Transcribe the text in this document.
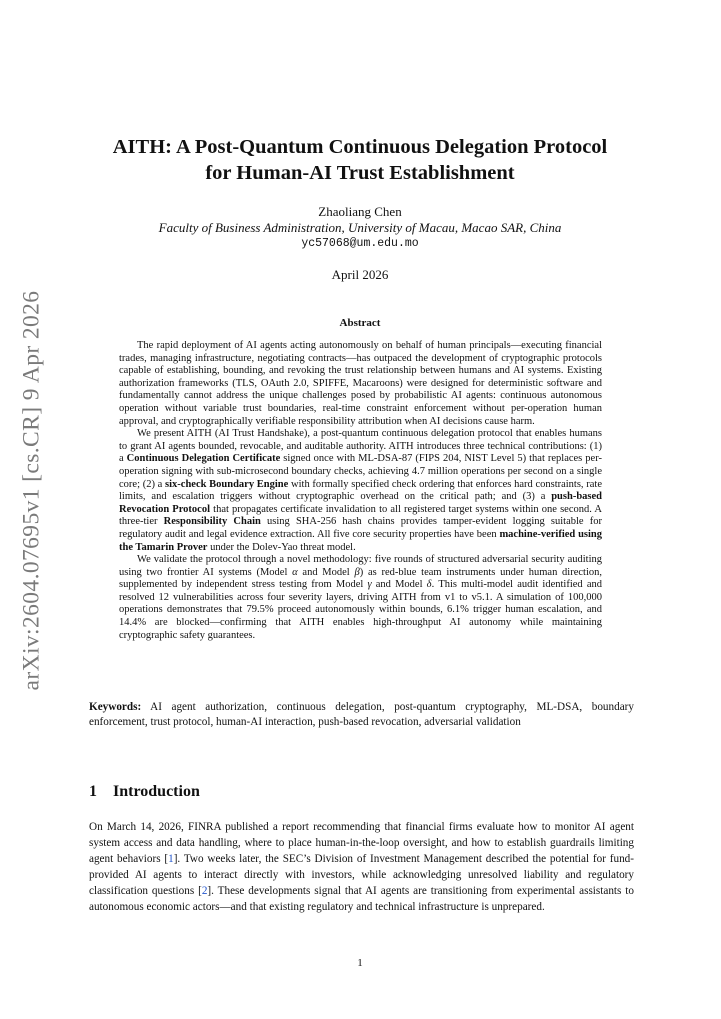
arXiv:2604.07695v1 [cs.CR] 9 Apr 2026
AITH: A Post-Quantum Continuous Delegation Protocol
for Human-AI Trust Establishment
Zhaoliang Chen
Faculty of Business Administration, University of Macau, Macao SAR, China
yc57068@um.edu.mo
April 2026
Abstract

The rapid deployment of AI agents acting autonomously on behalf of human principals—executing financial trades, managing infrastructure, negotiating contracts—has outpaced the development of cryptographic protocols capable of establishing, bounding, and revoking the trust relationship between humans and AI systems. Existing authorization frameworks (TLS, OAuth 2.0, SPIFFE, Macaroons) were designed for deterministic software and fundamentally cannot address the unique challenges posed by probabilistic AI agents: continuous autonomous operation without variable trust boundaries, real-time constraint enforcement without per-operation human approval, and cryptographically verifiable responsibility attribution when AI decisions cause harm.

We present AITH (AI Trust Handshake), a post-quantum continuous delegation protocol that enables humans to grant AI agents bounded, revocable, and auditable authority. AITH introduces three technical contributions: (1) a Continuous Delegation Certificate signed once with ML-DSA-87 (FIPS 204, NIST Level 5) that replaces per-operation signing with sub-microsecond boundary checks, achieving 4.7 million operations per second on a single core; (2) a six-check Boundary Engine with formally specified check ordering that enforces hard constraints, rate limits, and escalation triggers without cryptographic overhead on the critical path; and (3) a push-based Revocation Protocol that propagates certificate invalidation to all registered target systems within one second. A three-tier Responsibility Chain using SHA-256 hash chains provides tamper-evident logging suitable for regulatory audit and legal evidence extraction. All five core security properties have been machine-verified using the Tamarin Prover under the Dolev-Yao threat model.

We validate the protocol through a novel methodology: five rounds of structured adversarial security auditing using two frontier AI systems (Model α and Model β) as red-blue team instruments under human direction, supplemented by independent stress testing from Model γ and Model δ. This multi-model audit identified and resolved 12 vulnerabilities across four severity layers, driving AITH from v1 to v5.1. A simulation of 100,000 operations demonstrates that 79.5% proceed autonomously within bounds, 6.1% trigger human escalation, and 14.4% are blocked—confirming that AITH enables high-throughput AI autonomy while maintaining cryptographic safety guarantees.

Keywords: AI agent authorization, continuous delegation, post-quantum cryptography, ML-DSA, boundary enforcement, trust protocol, human-AI interaction, push-based revocation, adversarial validation
1 Introduction

On March 14, 2026, FINRA published a report recommending that financial firms evaluate how to monitor AI agent system access and data handling, where to place human-in-the-loop oversight, and how to establish guardrails limiting agent behaviors [1]. Two weeks later, the SEC’s Division of Investment Management described the potential for fund-provided AI agents to interact directly with investors, while acknowledging unresolved liability and regulatory classification questions [2]. These developments signal that AI agents are transitioning from experimental assistants to autonomous economic actors—and that existing regulatory and technical infrastructure is unprepared.

1
